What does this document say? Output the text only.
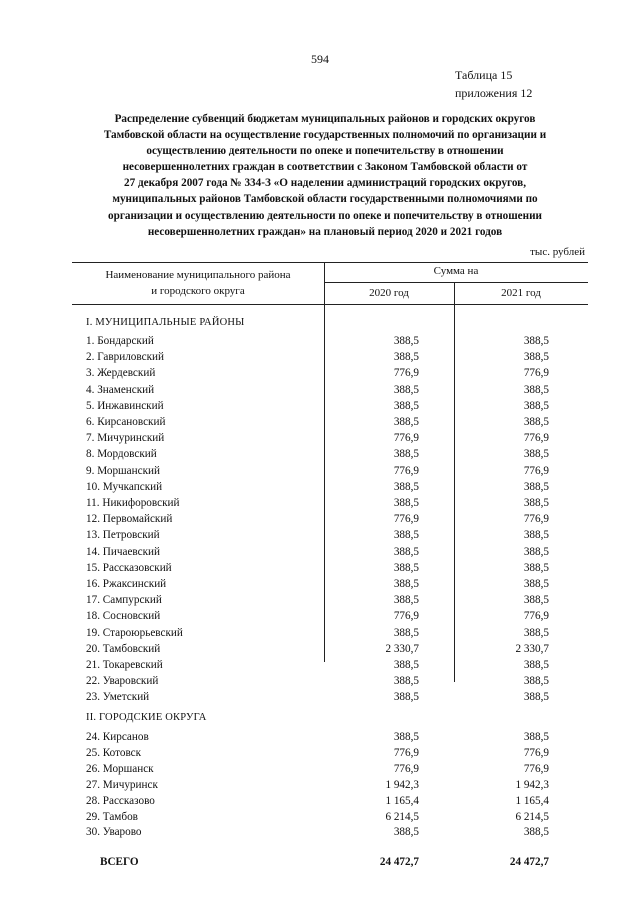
594
Таблица 15
приложения 12
Распределение субвенций бюджетам муниципальных районов и городских округов
Тамбовской области на осуществление государственных полномочий по организации и
осуществлению деятельности по опеке и попечительству в отношении
несовершеннолетних граждан в соответствии с Законом Тамбовской области от
27 декабря 2007 года № 334-З «О наделении администраций городских округов,
муниципальных районов Тамбовской области государственными полномочиями по
организации и осуществлению деятельности по опеке и попечительству в отношении
несовершеннолетних граждан» на плановый период 2020 и 2021 годов
тыс. рублей
Наименование муниципального района
и городского округа
Сумма на
2020 год	2021 год
I. МУНИЦИПАЛЬНЫЕ РАЙОНЫ
II. ГОРОДСКИЕ ОКРУГА
1. Бондарский	388,5	388,5
2. Гавриловский	388,5	388,5
3. Жердевский	776,9	776,9
4. Знаменский	388,5	388,5
5. Инжавинский	388,5	388,5
6. Кирсановский	388,5	388,5
7. Мичуринский	776,9	776,9
8. Мордовский	388,5	388,5
9. Моршанский	776,9	776,9
10. Мучкапский	388,5	388,5
11. Никифоровский	388,5	388,5
12. Первомайский	776,9	776,9
13. Петровский	388,5	388,5
14. Пичаевский	388,5	388,5
15. Рассказовский	388,5	388,5
16. Ржаксинский	388,5	388,5
17. Сампурский	388,5	388,5
18. Сосновский	776,9	776,9
19. Староюрьевский	388,5	388,5
20. Тамбовский	2 330,7	2 330,7
21. Токаревский	388,5	388,5
22. Уваровский	388,5	388,5
23. Уметский	388,5	388,5
24. Кирсанов	388,5	388,5
25. Котовск	776,9	776,9
26. Моршанск	776,9	776,9
27. Мичуринск	1 942,3	1 942,3
28. Рассказово	1 165,4	1 165,4
29. Тамбов	6 214,5	6 214,5
30. Уварово	388,5	388,5
ВСЕГО	24 472,7	24 472,7
